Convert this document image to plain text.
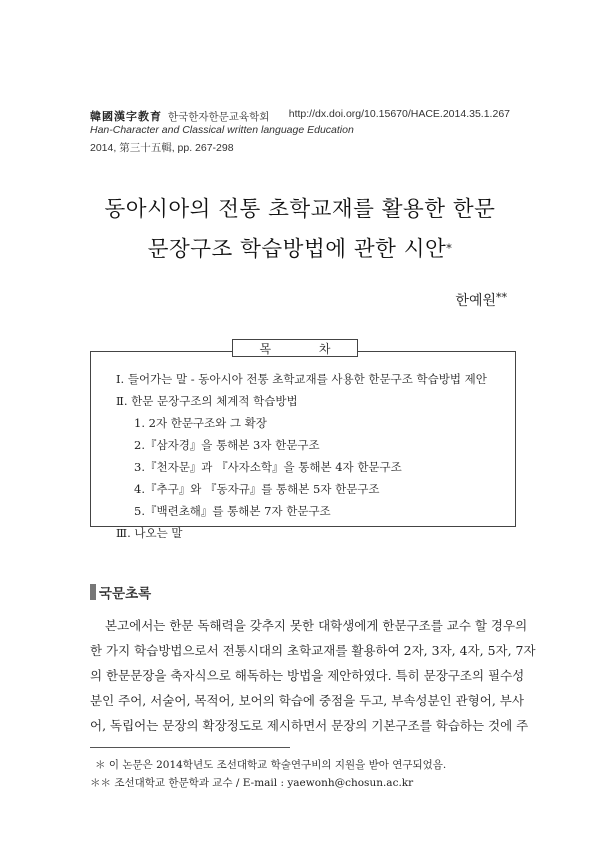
韓國漢字教育 한국한자한문교육학회 http://dx.doi.org/10.15670/HACE.2014.35.1.267
Han-Character and Classical written language Education
2014, 第三十五輯, pp. 267-298
동아시아의 전통 초학교재를 활용한 한문
문장구조 학습방법에 관한 시안*
한예원**
목 차
Ⅰ. 들어가는 말 - 동아시아 전통 초학교재를 사용한 한문구조 학습방법 제안
Ⅱ. 한문 문장구조의 체계적 학습방법
1. 2자 한문구조와 그 확장
2.『삼자경』을 통해본 3자 한문구조
3.『천자문』과 『사자소학』을 통해본 4자 한문구조
4.『추구』와 『동자규』를 통해본 5자 한문구조
5.『백련초해』를 통해본 7자 한문구조
Ⅲ. 나오는 말
국문초록
본고에서는 한문 독해력을 갖추지 못한 대학생에게 한문구조를 교수 할 경우의
한 가지 학습방법으로서 전통시대의 초학교재를 활용하여 2자, 3자, 4자, 5자, 7자
의 한문문장을 축자식으로 해독하는 방법을 제안하였다. 특히 문장구조의 필수성
분인 주어, 서술어, 목적어, 보어의 학습에 중점을 두고, 부속성분인 관형어, 부사
어, 독립어는 문장의 확장정도로 제시하면서 문장의 기본구조를 학습하는 것에 주
＊ 이 논문은 2014학년도 조선대학교 학술연구비의 지원을 받아 연구되었음.
＊＊ 조선대학교 한문학과 교수 / E-mail : yaewonh@chosun.ac.kr
